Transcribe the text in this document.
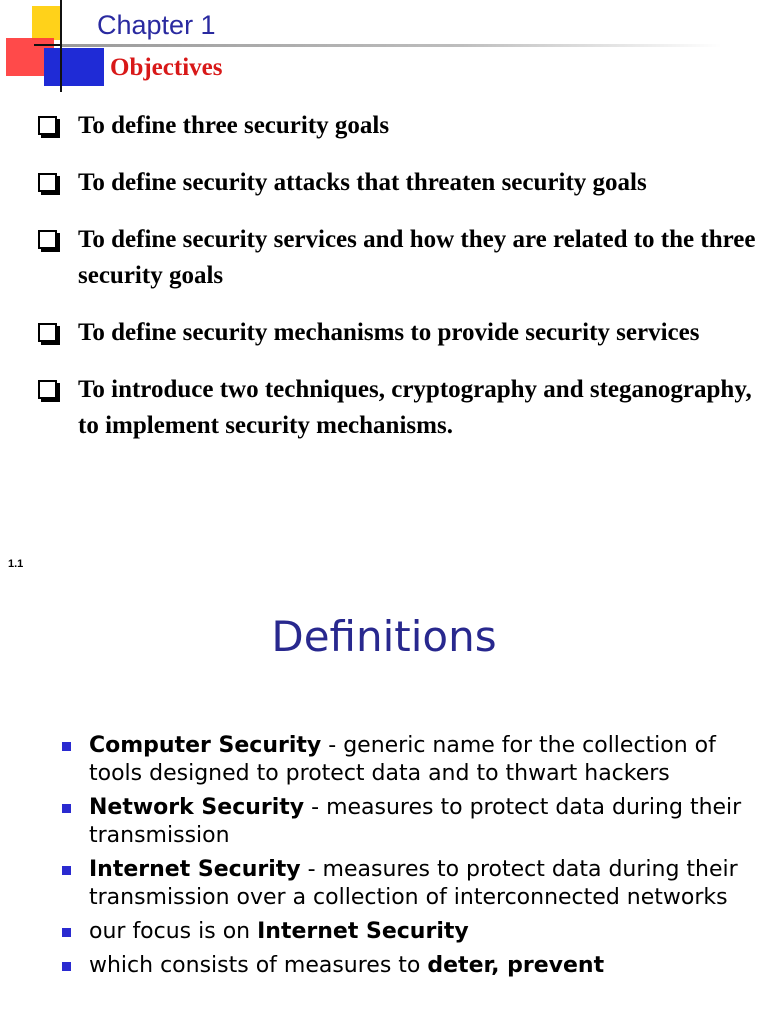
Chapter 1
Objectives
To define three security goals
To define security attacks that threaten security goals
To define security services and how they are related to the three security goals
To define security mechanisms to provide security services
To introduce two techniques, cryptography and steganography, to implement security mechanisms.
1.1
Definitions
Computer Security - generic name for the collection of tools designed to protect data and to thwart hackers
Network Security - measures to protect data during their transmission
Internet Security - measures to protect data during their transmission over a collection of interconnected networks
our focus is on Internet Security
which consists of measures to deter, prevent
